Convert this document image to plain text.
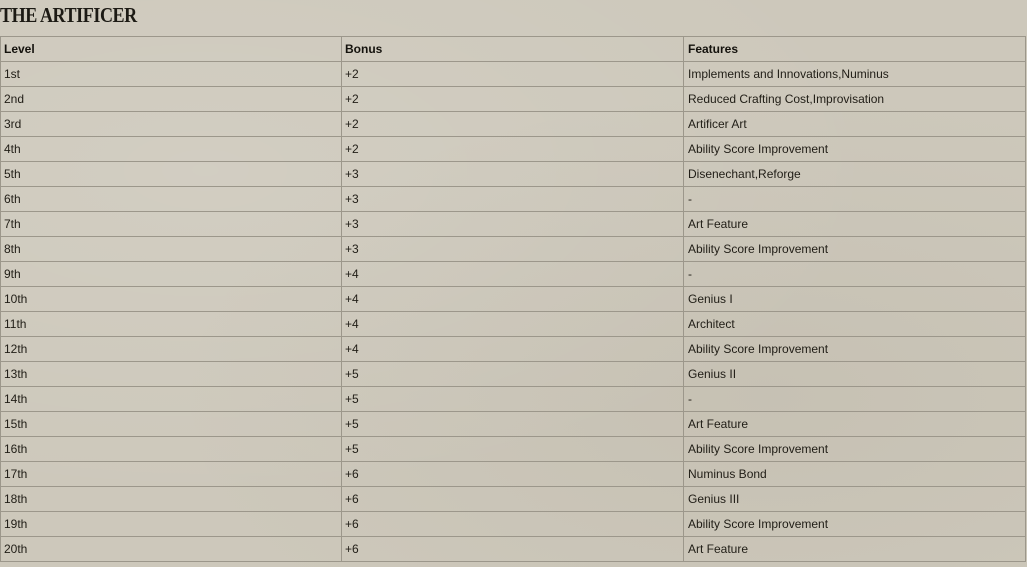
THE ARTIFICER
Level	Bonus	Features
1st	+2	Implements and Innovations,Numinus
2nd	+2	Reduced Crafting Cost,Improvisation
3rd	+2	Artificer Art
4th	+2	Ability Score Improvement
5th	+3	Disenechant,Reforge
6th	+3	-
7th	+3	Art Feature
8th	+3	Ability Score Improvement
9th	+4	-
10th	+4	Genius I
11th	+4	Architect
12th	+4	Ability Score Improvement
13th	+5	Genius II
14th	+5	-
15th	+5	Art Feature
16th	+5	Ability Score Improvement
17th	+6	Numinus Bond
18th	+6	Genius III
19th	+6	Ability Score Improvement
20th	+6	Art Feature
